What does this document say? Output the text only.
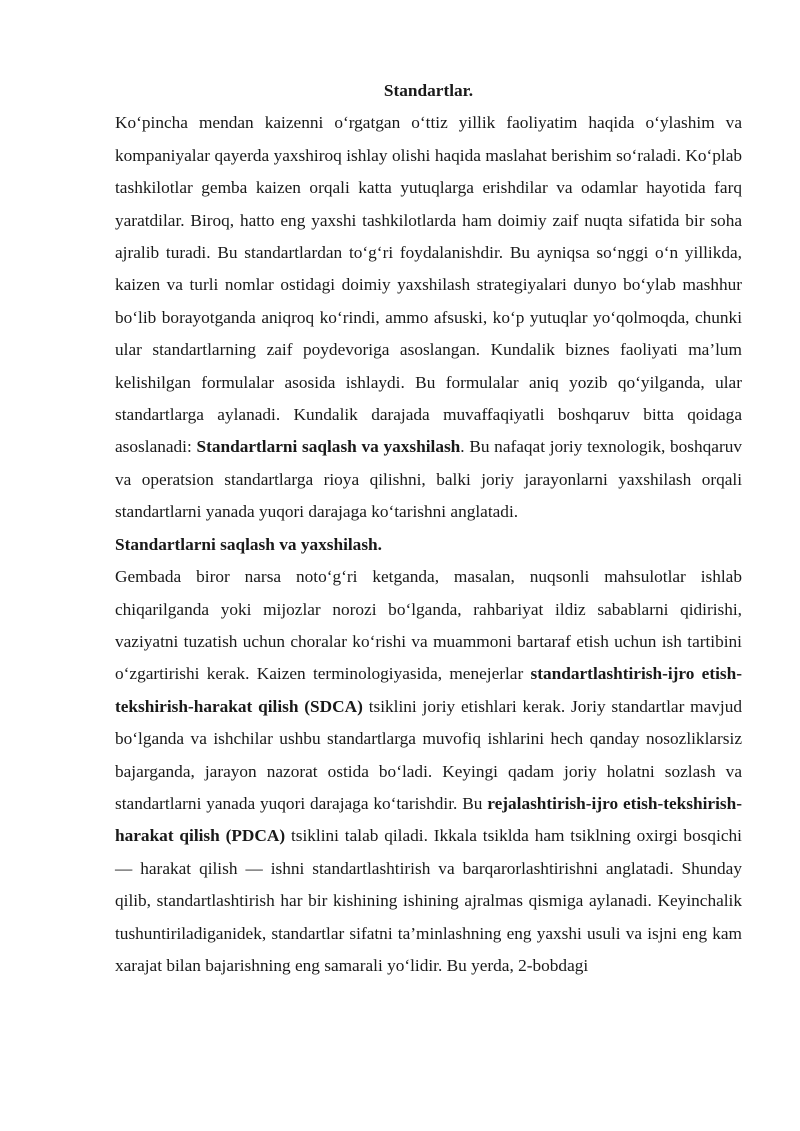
Standartlar.

Ko‘pincha mendan kaizenni o‘rgatgan o‘ttiz yillik faoliyatim haqida o‘ylashim va kompaniyalar qayerda yaxshiroq ishlay olishi haqida maslahat berishim so‘raladi. Ko‘plab tashkilotlar gemba kaizen orqali katta yutuqlarga erishdilar va odamlar hayotida farq yaratdilar. Biroq, hatto eng yaxshi tashkilotlarda ham doimiy zaif nuqta sifatida bir soha ajralib turadi. Bu standartlardan to‘g‘ri foydalanishdir. Bu ayniqsa so‘nggi o‘n yillikda, kaizen va turli nomlar ostidagi doimiy yaxshilash strategiyalari dunyo bo‘ylab mashhur bo‘lib borayotganda aniqroq ko‘rindi, ammo afsuski, ko‘p yutuqlar yo‘qolmoqda, chunki ular standartlarning zaif poydevoriga asoslangan. Kundalik biznes faoliyati ma’lum kelishilgan formulalar asosida ishlaydi. Bu formulalar aniq yozib qo‘yilganda, ular standartlarga aylanadi. Kundalik darajada muvaffaqiyatli boshqaruv bitta qoidaga asoslanadi: Standartlarni saqlash va yaxshilash. Bu nafaqat joriy texnologik, boshqaruv va operatsion standartlarga rioya qilishni, balki joriy jarayonlarni yaxshilash orqali standartlarni yanada yuqori darajaga ko‘tarishni anglatadi.

Standartlarni saqlash va yaxshilash.

Gembada biror narsa noto‘g‘ri ketganda, masalan, nuqsonli mahsulotlar ishlab chiqarilganda yoki mijozlar norozi bo‘lganda, rahbariyat ildiz sabablarni qidirishi, vaziyatni tuzatish uchun choralar ko‘rishi va muammoni bartaraf etish uchun ish tartibini o‘zgartirishi kerak. Kaizen terminologiyasida, menejerlar standartlashtirish-ijro etish-tekshirish-harakat qilish (SDCA) tsiklini joriy etishlari kerak. Joriy standartlar mavjud bo‘lganda va ishchilar ushbu standartlarga muvofiq ishlarini hech qanday nosozliklarsiz bajarganda, jarayon nazorat ostida bo‘ladi. Keyingi qadam joriy holatni sozlash va standartlarni yanada yuqori darajaga ko‘tarishdir. Bu rejalashtirish-ijro etish-tekshirish-harakat qilish (PDCA) tsiklini talab qiladi. Ikkala tsiklda ham tsiklning oxirgi bosqichi — harakat qilish — ishni standartlashtirish va barqarorlashtirishni anglatadi. Shunday qilib, standartlashtirish har bir kishining ishining ajralmas qismiga aylanadi. Keyinchalik tushuntiriladiganidek, standartlar sifatni ta’minlashning eng yaxshi usuli va isjni eng kam xarajat bilan bajarishning eng samarali yo‘lidir. Bu yerda, 2-bobdagi
